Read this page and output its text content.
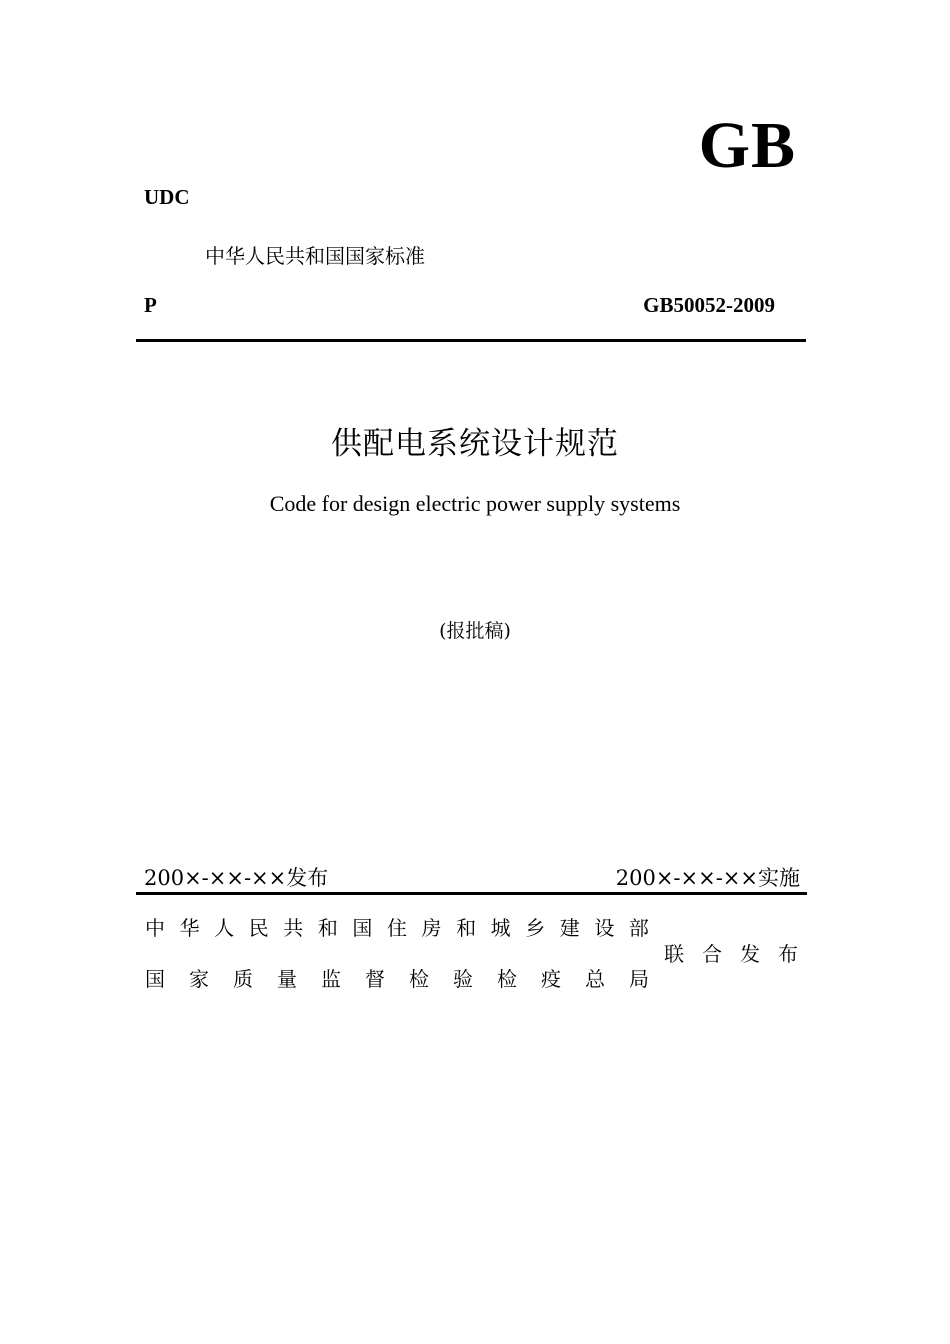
GB
UDC
中华人民共和国国家标准
P	GB50052-2009
供配电系统设计规范
Code for design electric power supply systems
(报批稿)
200×-××-××发布	200×-××-××实施
中 华 人 民 共 和 国 住 房 和 城 乡 建 设 部
国 家 质 量 监 督 检 验 检 疫 总 局
联 合 发 布
